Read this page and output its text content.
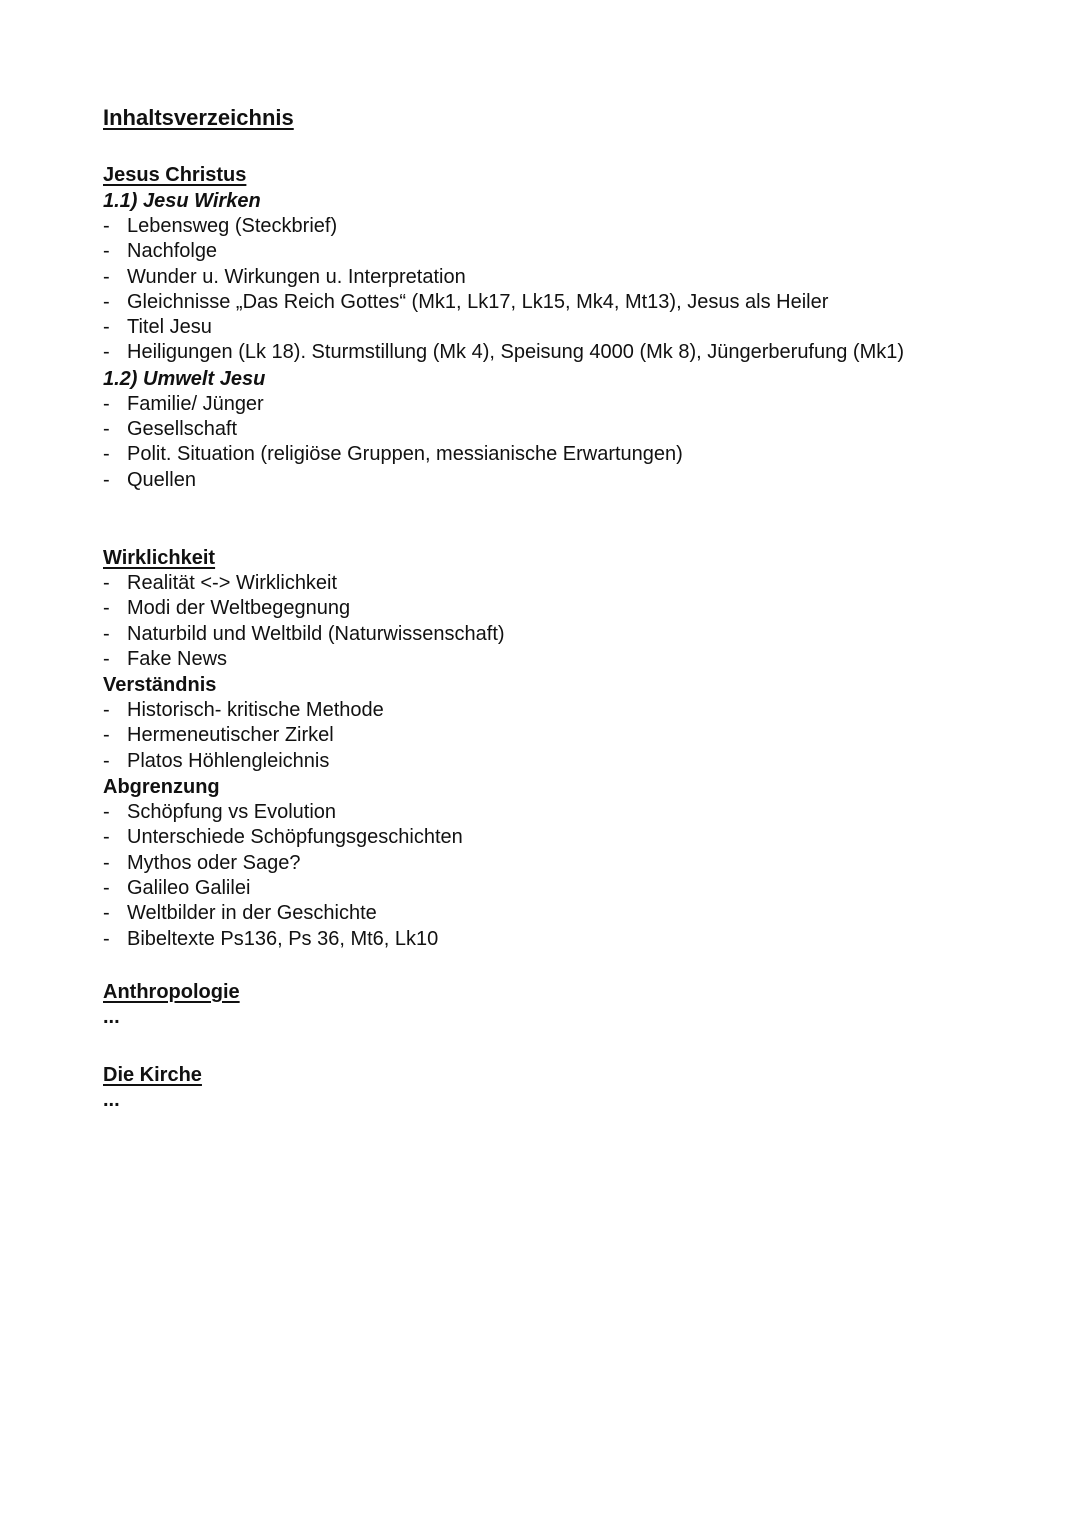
Inhaltsverzeichnis
Jesus Christus
1.1) Jesu Wirken
- Lebensweg (Steckbrief)
- Nachfolge
- Wunder u. Wirkungen u. Interpretation
- Gleichnisse „Das Reich Gottes“ (Mk1, Lk17, Lk15, Mk4, Mt13), Jesus als Heiler
- Titel Jesu
- Heiligungen (Lk 18). Sturmstillung (Mk 4), Speisung 4000 (Mk 8), Jüngerberufung (Mk1)
1.2) Umwelt Jesu
- Familie/ Jünger
- Gesellschaft
- Polit. Situation (religiöse Gruppen, messianische Erwartungen)
- Quellen
Wirklichkeit
- Realität <-> Wirklichkeit
- Modi der Weltbegegnung
- Naturbild und Weltbild (Naturwissenschaft)
- Fake News
Verständnis
- Historisch- kritische Methode
- Hermeneutischer Zirkel
- Platos Höhlengleichnis
Abgrenzung
- Schöpfung vs Evolution
- Unterschiede Schöpfungsgeschichten
- Mythos oder Sage?
- Galileo Galilei
- Weltbilder in der Geschichte
- Bibeltexte Ps136, Ps 36, Mt6, Lk10
Anthropologie
...
Die Kirche
...
